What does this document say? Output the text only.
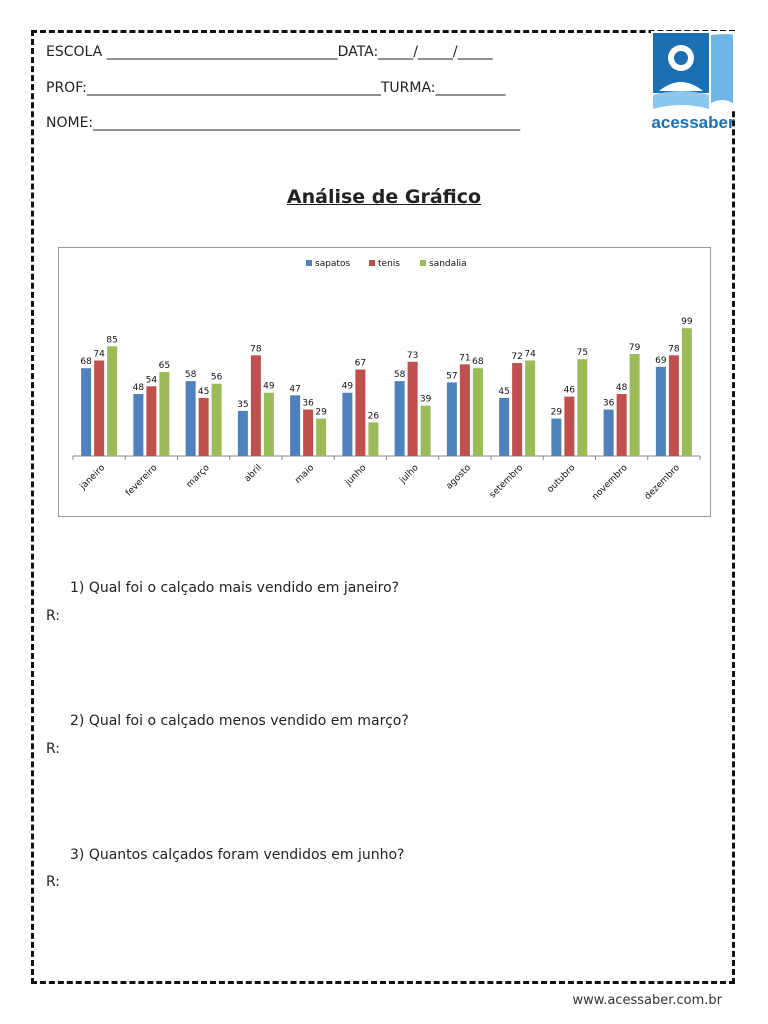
ESCOLA _________________________________DATA:_____/_____/_____
PROF:__________________________________________TURMA:__________
NOME:_____________________________________________________________	acessaber
Análise de Gráfico
68
74
85
janeiro
48
54
65
fevereiro
58
45
56
março
35
78
49
abril
47
36
29
maio
49
67
26
junho
58
73
39
julho
57
71 68
agosto
45
72 74
setembro
29
46
75
outubro
36
48
79
novembro
69
78
99
dezembro
sapatos	tenis	sandalia
1) Qual foi o calçado mais vendido em janeiro?
R:
2) Qual foi o calçado menos vendido em março?
R:
3) Quantos calçados foram vendidos em junho?
R:
www.acessaber.com.br
